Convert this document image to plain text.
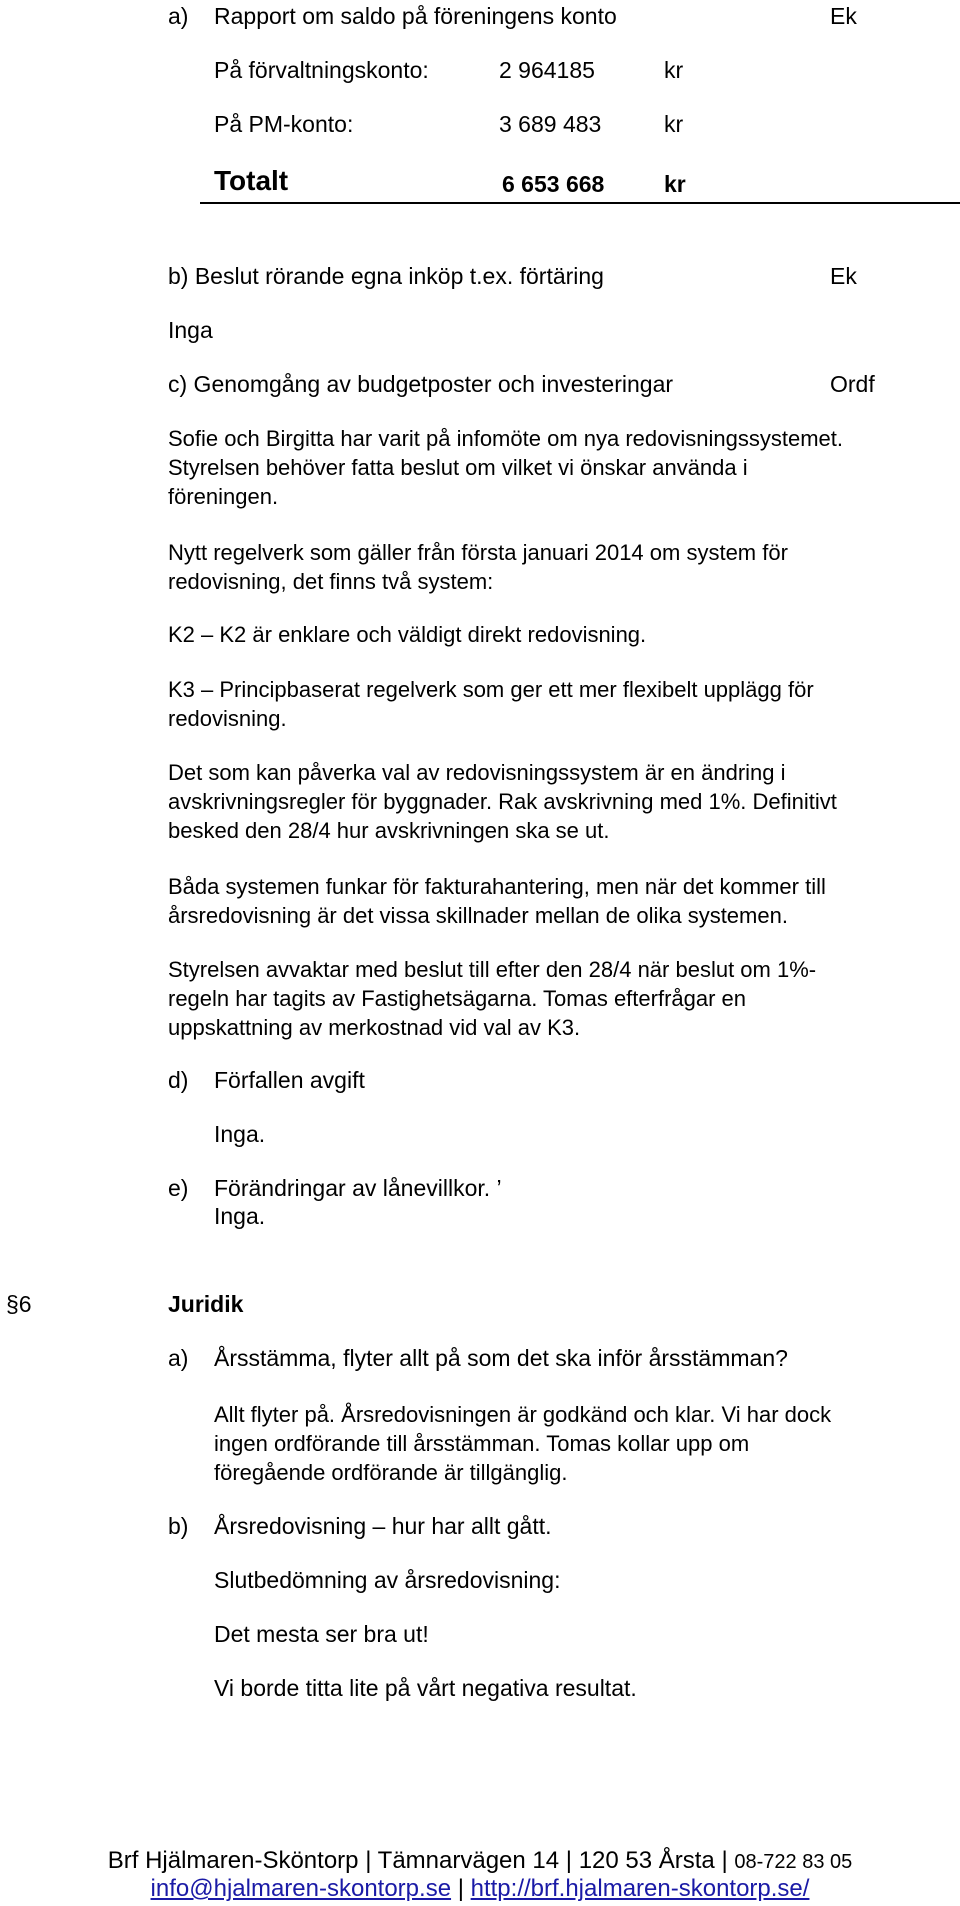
a) Rapport om saldo på föreningens konto	Ek
På förvaltningskonto:	2 964185	kr
På PM-konto:	3 689 483	kr
Totalt	6 653 668	kr
b) Beslut rörande egna inköp t.ex. förtäring	Ek
Inga
c) Genomgång av budgetposter och investeringar	Ordf
Sofie och Birgitta har varit på infomöte om nya redovisningssystemet.
Styrelsen behöver fatta beslut om vilket vi önskar använda i
föreningen.
Nytt regelverk som gäller från första januari 2014 om system för
redovisning, det finns två system:
K2 – K2 är enklare och väldigt direkt redovisning.
K3 – Principbaserat regelverk som ger ett mer flexibelt upplägg för
redovisning.
Det som kan påverka val av redovisningssystem är en ändring i
avskrivningsregler för byggnader. Rak avskrivning med 1%. Definitivt
besked den 28/4 hur avskrivningen ska se ut.
Båda systemen funkar för fakturahantering, men när det kommer till
årsredovisning är det vissa skillnader mellan de olika systemen.
Styrelsen avvaktar med beslut till efter den 28/4 när beslut om 1%-
regeln har tagits av Fastighetsägarna. Tomas efterfrågar en
uppskattning av merkostnad vid val av K3.
d) Förfallen avgift
Inga.
e) Förändringar av lånevillkor. ’
Inga.
§6	Juridik
a) Årsstämma, flyter allt på som det ska inför årsstämman?
Allt flyter på. Årsredovisningen är godkänd och klar. Vi har dock
ingen ordförande till årsstämman. Tomas kollar upp om
föregående ordförande är tillgänglig.
b) Årsredovisning – hur har allt gått.
Slutbedömning av årsredovisning:
Det mesta ser bra ut!
Vi borde titta lite på vårt negativa resultat.
Brf Hjälmaren-Sköntorp | Tämnarvägen 14 | 120 53 Årsta | 08-722 83 05
info@hjalmaren-skontorp.se | http://brf.hjalmaren-skontorp.se/
